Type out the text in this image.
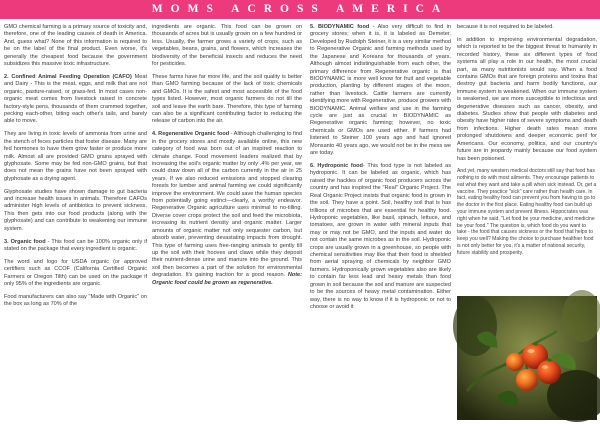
MOMS ACROSS AMERICA

GMO chemical farming is a primary source of toxicity and, therefore, one of the leading causes of death in America. And, guess what? None of this information is required to be on the label of the final product. Even worse, it's generally the cheapest food because the government subsidizes this massive toxic infrastructure.

2. Confined Animal Feeding Operation (CAFO) Meat and Dairy - This is the meat, eggs, and milk that are not organic, pasture-raised, or grass-fed. In most cases non-organic meat comes from livestock raised in concrete factory-style pens, thousands of them crammed together, pecking each-other, biting each other's tails, and barely able to move.

They are living in toxic levels of ammonia from urine and the stench of feces particles that foster disease. Many are fed hormones to have them grow faster or produce more milk. Almost all are provided GMO grains sprayed with glyphosate. Some may be fed non-GMO grains, but that does not mean the grains have not been sprayed with glyphosate as a drying agent.

Glyphosate studies have shown damage to gut bacteria and increase health issues in animals. Therefore CAFOs administer high levels of antibiotics to prevent sickness. This then gets into our food products (along with the glyphosate) and can contribute to weakening our immune system.

3. Organic food - This food can be 100% organic only if stated on the package that every ingredient is organic.

The word and logo for USDA organic (or approved certifiers such as CCOF (California Certified Organic Farmers or Oregon Tilth) can be used on the package if only 95% of the ingredients are organic.

Food manufacturers can also say "Made with Organic" on the box as long as 70% of the

ingredients are organic. This food can be grown on thousands of acres but is usually grown on a few hundred or less. Usually, the farmer grows a variety of crops, such as vegetables, beans, grains, and flowers, which increases the biodiversity of the beneficial insects and reduces the need for pesticides.

These farms have far more life, and the soil quality is better than GMO farming because of the lack of toxic chemicals and GMOs. It is the safest and most accessible of the food types listed. However, most organic farmers do not till the soil and leave the earth bare. Therefore, this type of farming can also be a significant contributing factor to reducing the release of carbon into the air.

4. Regenerative Organic food - Although challenging to find in the grocery stores and mostly available online, this new category of food was born out of an inspired reaction to climate change. Food movement leaders realized that by increasing the soil's organic matter by only .4% per year, we could draw down all of the carbon currently in the air in 25 years. If we also reduced emissions and stopped clearing forests for lumber and animal farming we could significantly improve the environment. We could save the human species from potentially going extinct—clearly, a worthy endeavor. Regenerative Organic agriculture uses minimal to no-tilling. Diverse cover crops protect the soil and feed the microbiota, increasing its nutrient density and organic matter. Larger amounts of organic matter not only sequester carbon, but absorb water, preventing devastating impacts from drought. This type of farming uses free-ranging animals to gently till up the soil with their hooves and claws while they deposit their nutrient-dense urine and manure into the ground. This soil then becomes a part of the solution for environmental degradation. It's gaining traction for a good reason. Note: Organic food could be grown as regenerative.

5. BIODYNAMIC food - Also very difficult to find in grocery stores; when it is, it is labeled as Demeter. Developed by Rudolph Steiner, it is a very similar method to Regenerative Organic and farming methods used by the Japanese and Koreans for thousands of years. Although almost indistinguishable from each other, the primary difference from Regenerative organic is that BIODYNAMIC is more well know for fruit and vegetable production, planting by different stages of the moon, rather than livestock. Cattle farmers are currently identifying more with Regenerative, produce growers with BIODYNAMIC. Animal welfare and use in the farming cycle are just as crucial in BIODYNAMIC as Regenerative organic farming; however, no toxic chemicals or GMOs are used either. If farmers had listened to Steiner 100 years ago and had ignored Monsanto 40 years ago, we would not be in the mess we are today.

6. Hydroponic food- This food type is not labeled as hydroponic. It can be labeled as organic, which has raised the hackles of organic food producers across the country and has inspired the "Real" Organic Project. The Real Organic Project insists that organic food is grown in the soil. They have a point. Soil, healthy soil that is has trillions of microbes that are essential for healthy food. Hydroponic vegetables, like basil, spinach, lettuce, and tomatoes, are grown in water with mineral inputs that may or may not be GMO, and the inputs and water do not contain the same microbes as in the soil. Hydroponic crops are usually grown in a greenhouse, so people with chemical sensitivities may like that their food is shielded from aerial spraying of chemicals by neighbor GMO farmers. Hydroponically grown vegetables also are likely to contain far less lead and heavy metals than food grown in soil because the soil and manure are suspected to be the sources of heavy metal contamination. Either way, there is no way to know if it is hydroponic or not to choose or avoid it

because it is not required to be labeled.

In addition to improving environmental degradation, which is reported to be the biggest threat to humanity in recorded history, these six different types of food systems all play a role in our health, the most crucial part, as many nutritionists would say. When a food contains GMOs that are foreign proteins and toxins that destroy gut bacteria and harm bodily functions, our immune system is weakened. When our immune system is weakened, we are more susceptible to infectious and degenerative diseases such as cancer, obesity, and diabetes. Studies show that people with diabetes and obesity have higher rates of severe symptoms and death from infections. Higher death rates mean more prolonged shutdowns and deeper economic peril for Americans. Our economy, politics, and our country's future are in jeopardy mainly because our food system has been poisoned.

And yet, many western medical doctors still say that food has nothing to do with most ailments. They encourage patients to eat what they want and take a pill when sick instead. Or, get a vaccine. They practice "sick" care rather than health care. In fact, eating healthy food can prevent you from having to go to the doctor in the first place. Eating healthy food can build up your immune system and prevent illness. Hippocrates was right when he said, "Let food be your medicine, and medicine be your food." The question is, which food do you want to take - the food that causes sickness or the food that helps to keep you well? Making the choice to purchase healthier food is not only better for you, it's a matter of national security, future stability and prosperity.
